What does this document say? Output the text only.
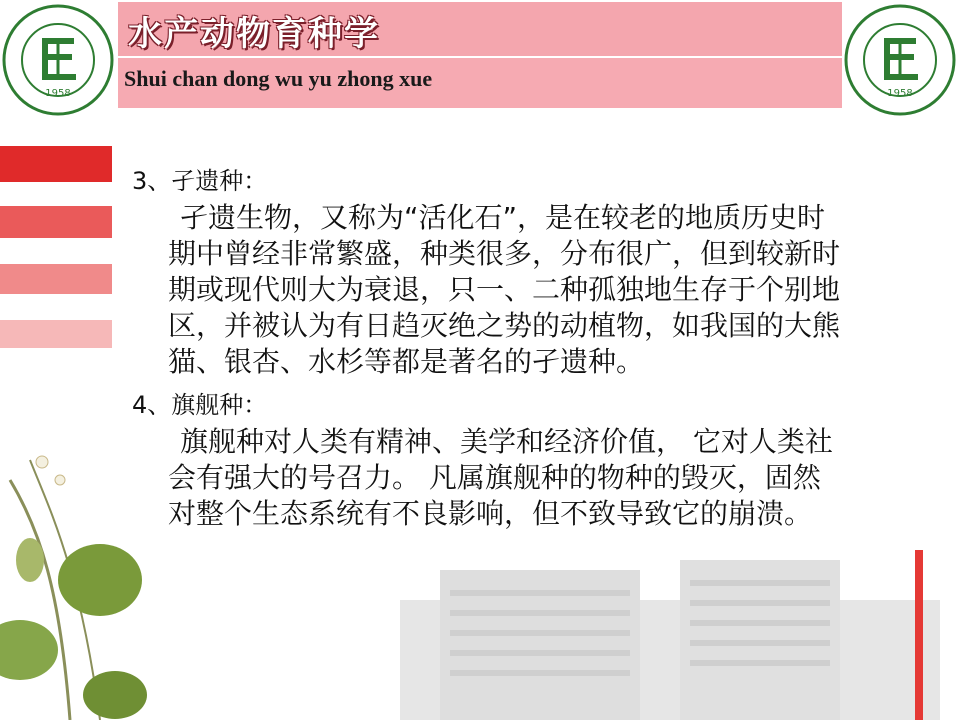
1958	1958
水产动物育种学
Shui chan dong wu yu zhong xue

3、孑遗种：

孑遗生物，又称为“活化石”，是在较老的地质历史时期中曾经非常繁盛，种类很多，分布很广，但到较新时期或现代则大为衰退，只一、二种孤独地生存于个别地区，并被认为有日趋灭绝之势的动植物，如我国的大熊猫、银杏、水杉等都是著名的孑遗种。

4、旗舰种：

旗舰种对人类有精神、美学和经济价值， 它对人类社会有强大的号召力。 凡属旗舰种的物种的毁灭，固然对整个生态系统有不良影响，但不致导致它的崩溃。
